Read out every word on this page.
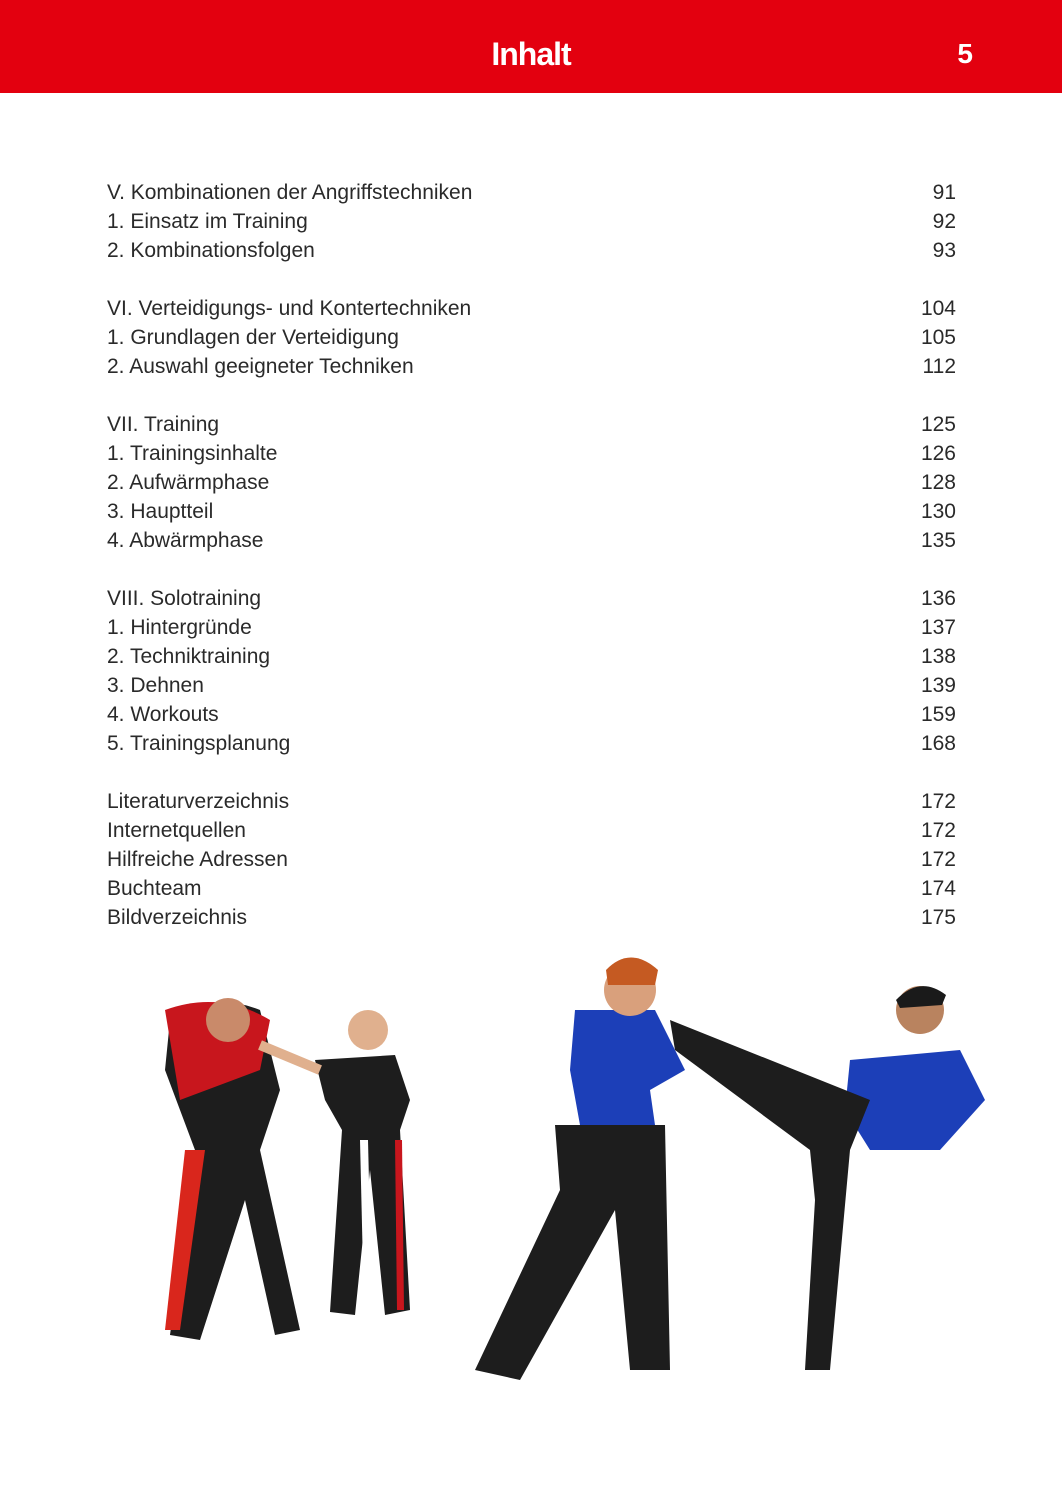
Inhalt	5
V. Kombinationen der Angriffstechniken	91
1. Einsatz im Training	92
2. Kombinationsfolgen	93
VI. Verteidigungs- und Kontertechniken	104
1. Grundlagen der Verteidigung	105
2. Auswahl geeigneter Techniken	112
VII. Training	125
1. Trainingsinhalte	126
2. Aufwärmphase	128
3. Hauptteil	130
4. Abwärmphase	135
VIII. Solotraining	136
1. Hintergründe	137
2. Techniktraining	138
3. Dehnen	139
4. Workouts	159
5. Trainingsplanung	168
Literaturverzeichnis	172
Internetquellen	172
Hilfreiche Adressen	172
Buchteam	174
Bildverzeichnis	175
